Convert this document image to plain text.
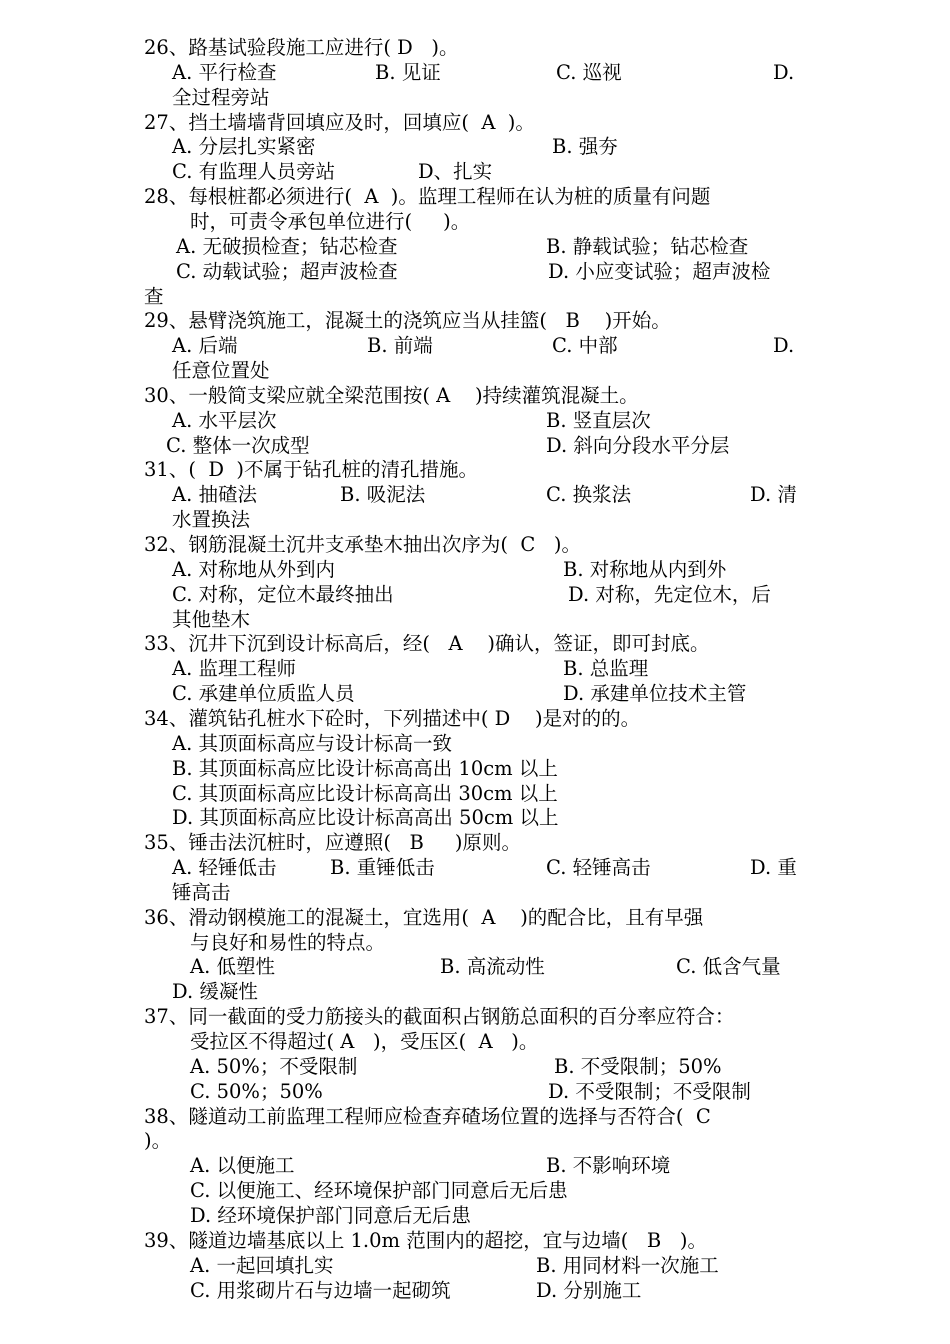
26、路基试验段施工应进行( D   )。
A. 平行检查	B. 见证	C. 巡视	D.
全过程旁站
27、挡土墙墙背回填应及时，回填应(  A  )。
A. 分层扎实紧密	B. 强夯
C. 有监理人员旁站	D、扎实
28、每根桩都必须进行(  A  )。监理工程师在认为桩的质量有问题
时，可责令承包单位进行(     )。
A. 无破损检查；钻芯检查	B. 静载试验；钻芯检查
C. 动载试验；超声波检查	D. 小应变试验；超声波检
查
29、悬臂浇筑施工，混凝土的浇筑应当从挂篮(   B    )开始。
A. 后端	B. 前端	C. 中部	D.
任意位置处
30、一般简支梁应就全梁范围按( A    )持续灌筑混凝土。
A. 水平层次	B. 竖直层次
C. 整体一次成型	D. 斜向分段水平分层
31、(  D  )不属于钻孔桩的清孔措施。
A. 抽碴法	B. 吸泥法	C. 换浆法	D. 清
水置换法
32、钢筋混凝土沉井支承垫木抽出次序为(  C   )。
A. 对称地从外到内	B. 对称地从内到外
C. 对称，定位木最终抽出	D. 对称，先定位木，后
其他垫木
33、沉井下沉到设计标高后，经(   A    )确认，签证，即可封底。
A. 监理工程师	B. 总监理
C. 承建单位质监人员	D. 承建单位技术主管
34、灌筑钻孔桩水下砼时，下列描述中( D    )是对的的。
A. 其顶面标高应与设计标高一致
B. 其顶面标高应比设计标高高出 10cm 以上
C. 其顶面标高应比设计标高高出 30cm 以上
D. 其顶面标高应比设计标高高出 50cm 以上
35、锤击法沉桩时，应遵照(   B     )原则。
A. 轻锤低击	B. 重锤低击	C. 轻锤高击	D. 重
锤高击
36、滑动钢模施工的混凝土，宜选用(  A    )的配合比，且有早强
与良好和易性的特点。
A. 低塑性	B. 高流动性	C. 低含气量
D. 缓凝性
37、同一截面的受力筋接头的截面积占钢筋总面积的百分率应符合：
受拉区不得超过( A   )，受压区(  A   )。
A. 50%；不受限制	B. 不受限制；50%
C. 50%；50%	D. 不受限制；不受限制
38、隧道动工前监理工程师应检查弃碴场位置的选择与否符合(  C
)。
A. 以便施工	B. 不影响环境
C. 以便施工、经环境保护部门同意后无后患
D. 经环境保护部门同意后无后患
39、隧道边墙基底以上 1.0m 范围内的超挖，宜与边墙(   B   )。
A. 一起回填扎实	B. 用同材料一次施工
C. 用浆砌片石与边墙一起砌筑	D. 分别施工
